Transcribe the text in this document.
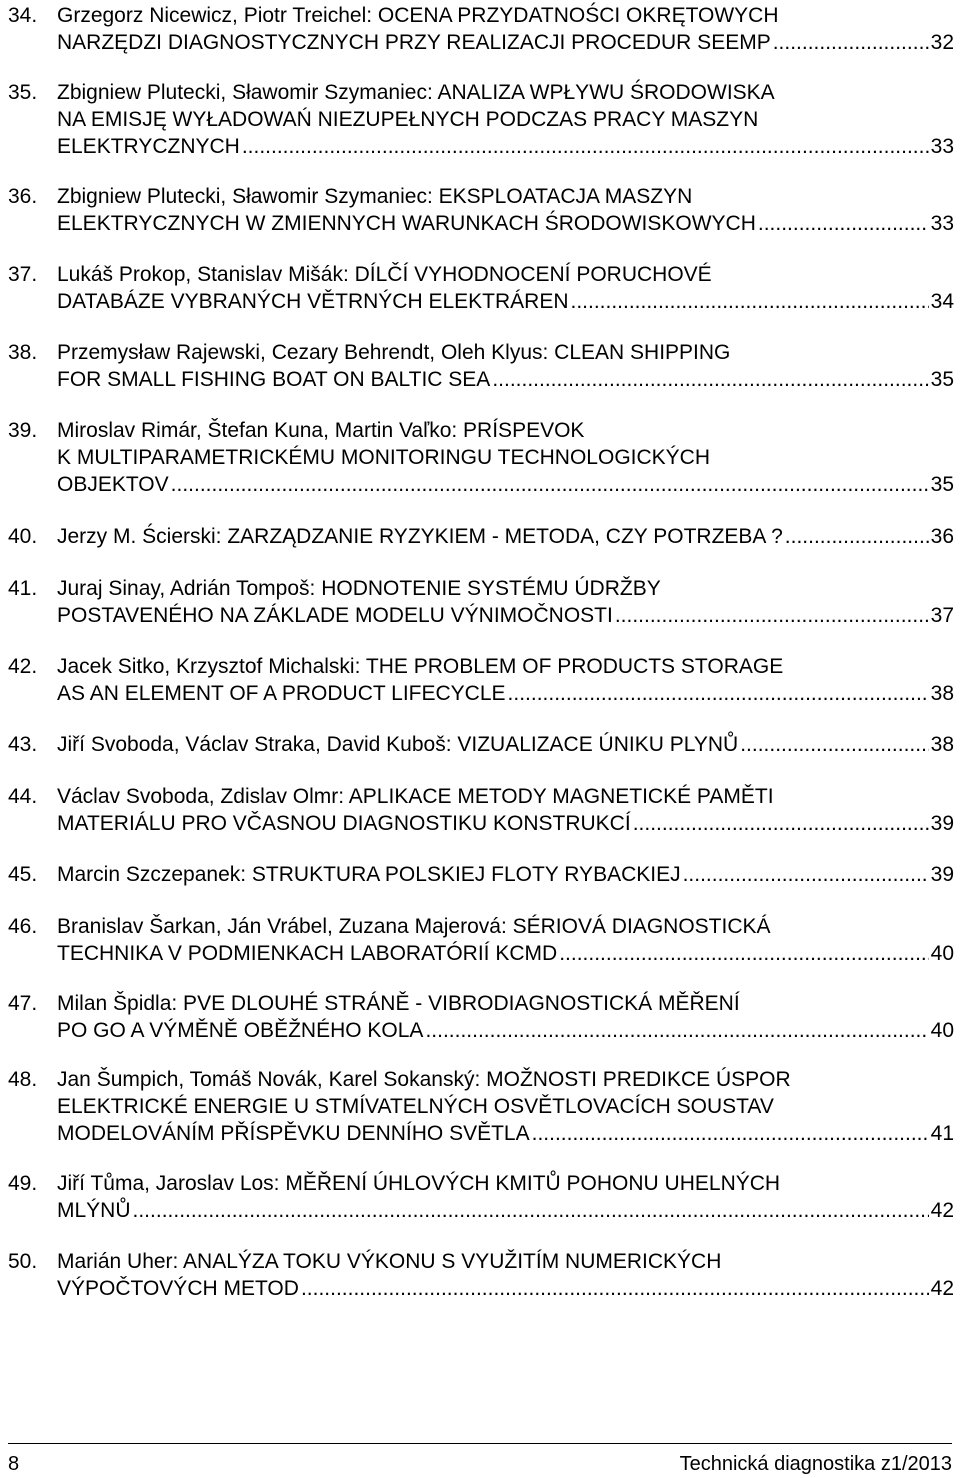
34. Grzegorz Nicewicz, Piotr Treichel: OCENA PRZYDATNOŚCI OKRĘTOWYCH
NARZĘDZI DIAGNOSTYCZNYCH PRZY REALIZACJI PROCEDUR SEEMP .....	32
35. Zbigniew Plutecki, Sławomir Szymaniec: ANALIZA WPŁYWU ŚRODOWISKA
NA EMISJĘ WYŁADOWAŃ NIEZUPEŁNYCH PODCZAS PRACY MASZYN
ELEKTRYCZNYCH .....	33
36. Zbigniew Plutecki, Sławomir Szymaniec: EKSPLOATACJA MASZYN
ELEKTRYCZNYCH W ZMIENNYCH WARUNKACH ŚRODOWISKOWYCH .....	33
37. Lukáš Prokop, Stanislav Mišák: DÍLČÍ VYHODNOCENÍ PORUCHOVÉ
DATABÁZE VYBRANÝCH VĚTRNÝCH ELEKTRÁREN .....	34
38. Przemysław Rajewski, Cezary Behrendt, Oleh Klyus: CLEAN SHIPPING
FOR SMALL FISHING BOAT ON BALTIC SEA .....	35
39. Miroslav Rimár, Štefan Kuna, Martin Vaľko: PRÍSPEVOK
K MULTIPARAMETRICKÉMU MONITORINGU TECHNOLOGICKÝCH
OBJEKTOV .....	35
40. Jerzy M. Ścierski: ZARZĄDZANIE RYZYKIEM - METODA, CZY POTRZEBA ? .....	36
41. Juraj Sinay, Adrián Tompoš: HODNOTENIE SYSTÉMU ÚDRŽBY
POSTAVENÉHO NA ZÁKLADE MODELU VÝNIMOČNOSTI .....	37
42. Jacek Sitko, Krzysztof Michalski: THE PROBLEM OF PRODUCTS STORAGE
AS AN ELEMENT OF A PRODUCT LIFECYCLE .....	38
43. Jiří Svoboda, Václav Straka, David Kuboš: VIZUALIZACE ÚNIKU PLYNŮ .....	38
44. Václav Svoboda, Zdislav Olmr: APLIKACE METODY MAGNETICKÉ PAMĚTI
MATERIÁLU PRO VČASNOU DIAGNOSTIKU KONSTRUKCÍ .....	39
45. Marcin Szczepanek: STRUKTURA POLSKIEJ FLOTY RYBACKIEJ .....	39
46. Branislav Šarkan, Ján Vrábel, Zuzana Majerová: SÉRIOVÁ DIAGNOSTICKÁ
TECHNIKA V PODMIENKACH LABORATÓRIÍ KCMD .....	40
47. Milan Špidla: PVE DLOUHÉ STRÁNĚ - VIBRODIAGNOSTICKÁ MĚŘENÍ
PO GO A VÝMĚNĚ OBĚŽNÉHO KOLA .....	40
48. Jan Šumpich, Tomáš Novák, Karel Sokanský: MOŽNOSTI PREDIKCE ÚSPOR
ELEKTRICKÉ ENERGIE U STMÍVATELNÝCH OSVĚTLOVACÍCH SOUSTAV
MODELOVÁNÍM PŘÍSPĚVKU DENNÍHO SVĚTLA .....	41
49. Jiří Tůma, Jaroslav Los: MĚŘENÍ ÚHLOVÝCH KMITŮ POHONU UHELNÝCH
MLÝNŮ .....	42
50. Marián Uher: ANALÝZA TOKU VÝKONU S VYUŽITÍM NUMERICKÝCH
VÝPOČTOVÝCH METOD .....	42
8	Technická diagnostika z1/2013
